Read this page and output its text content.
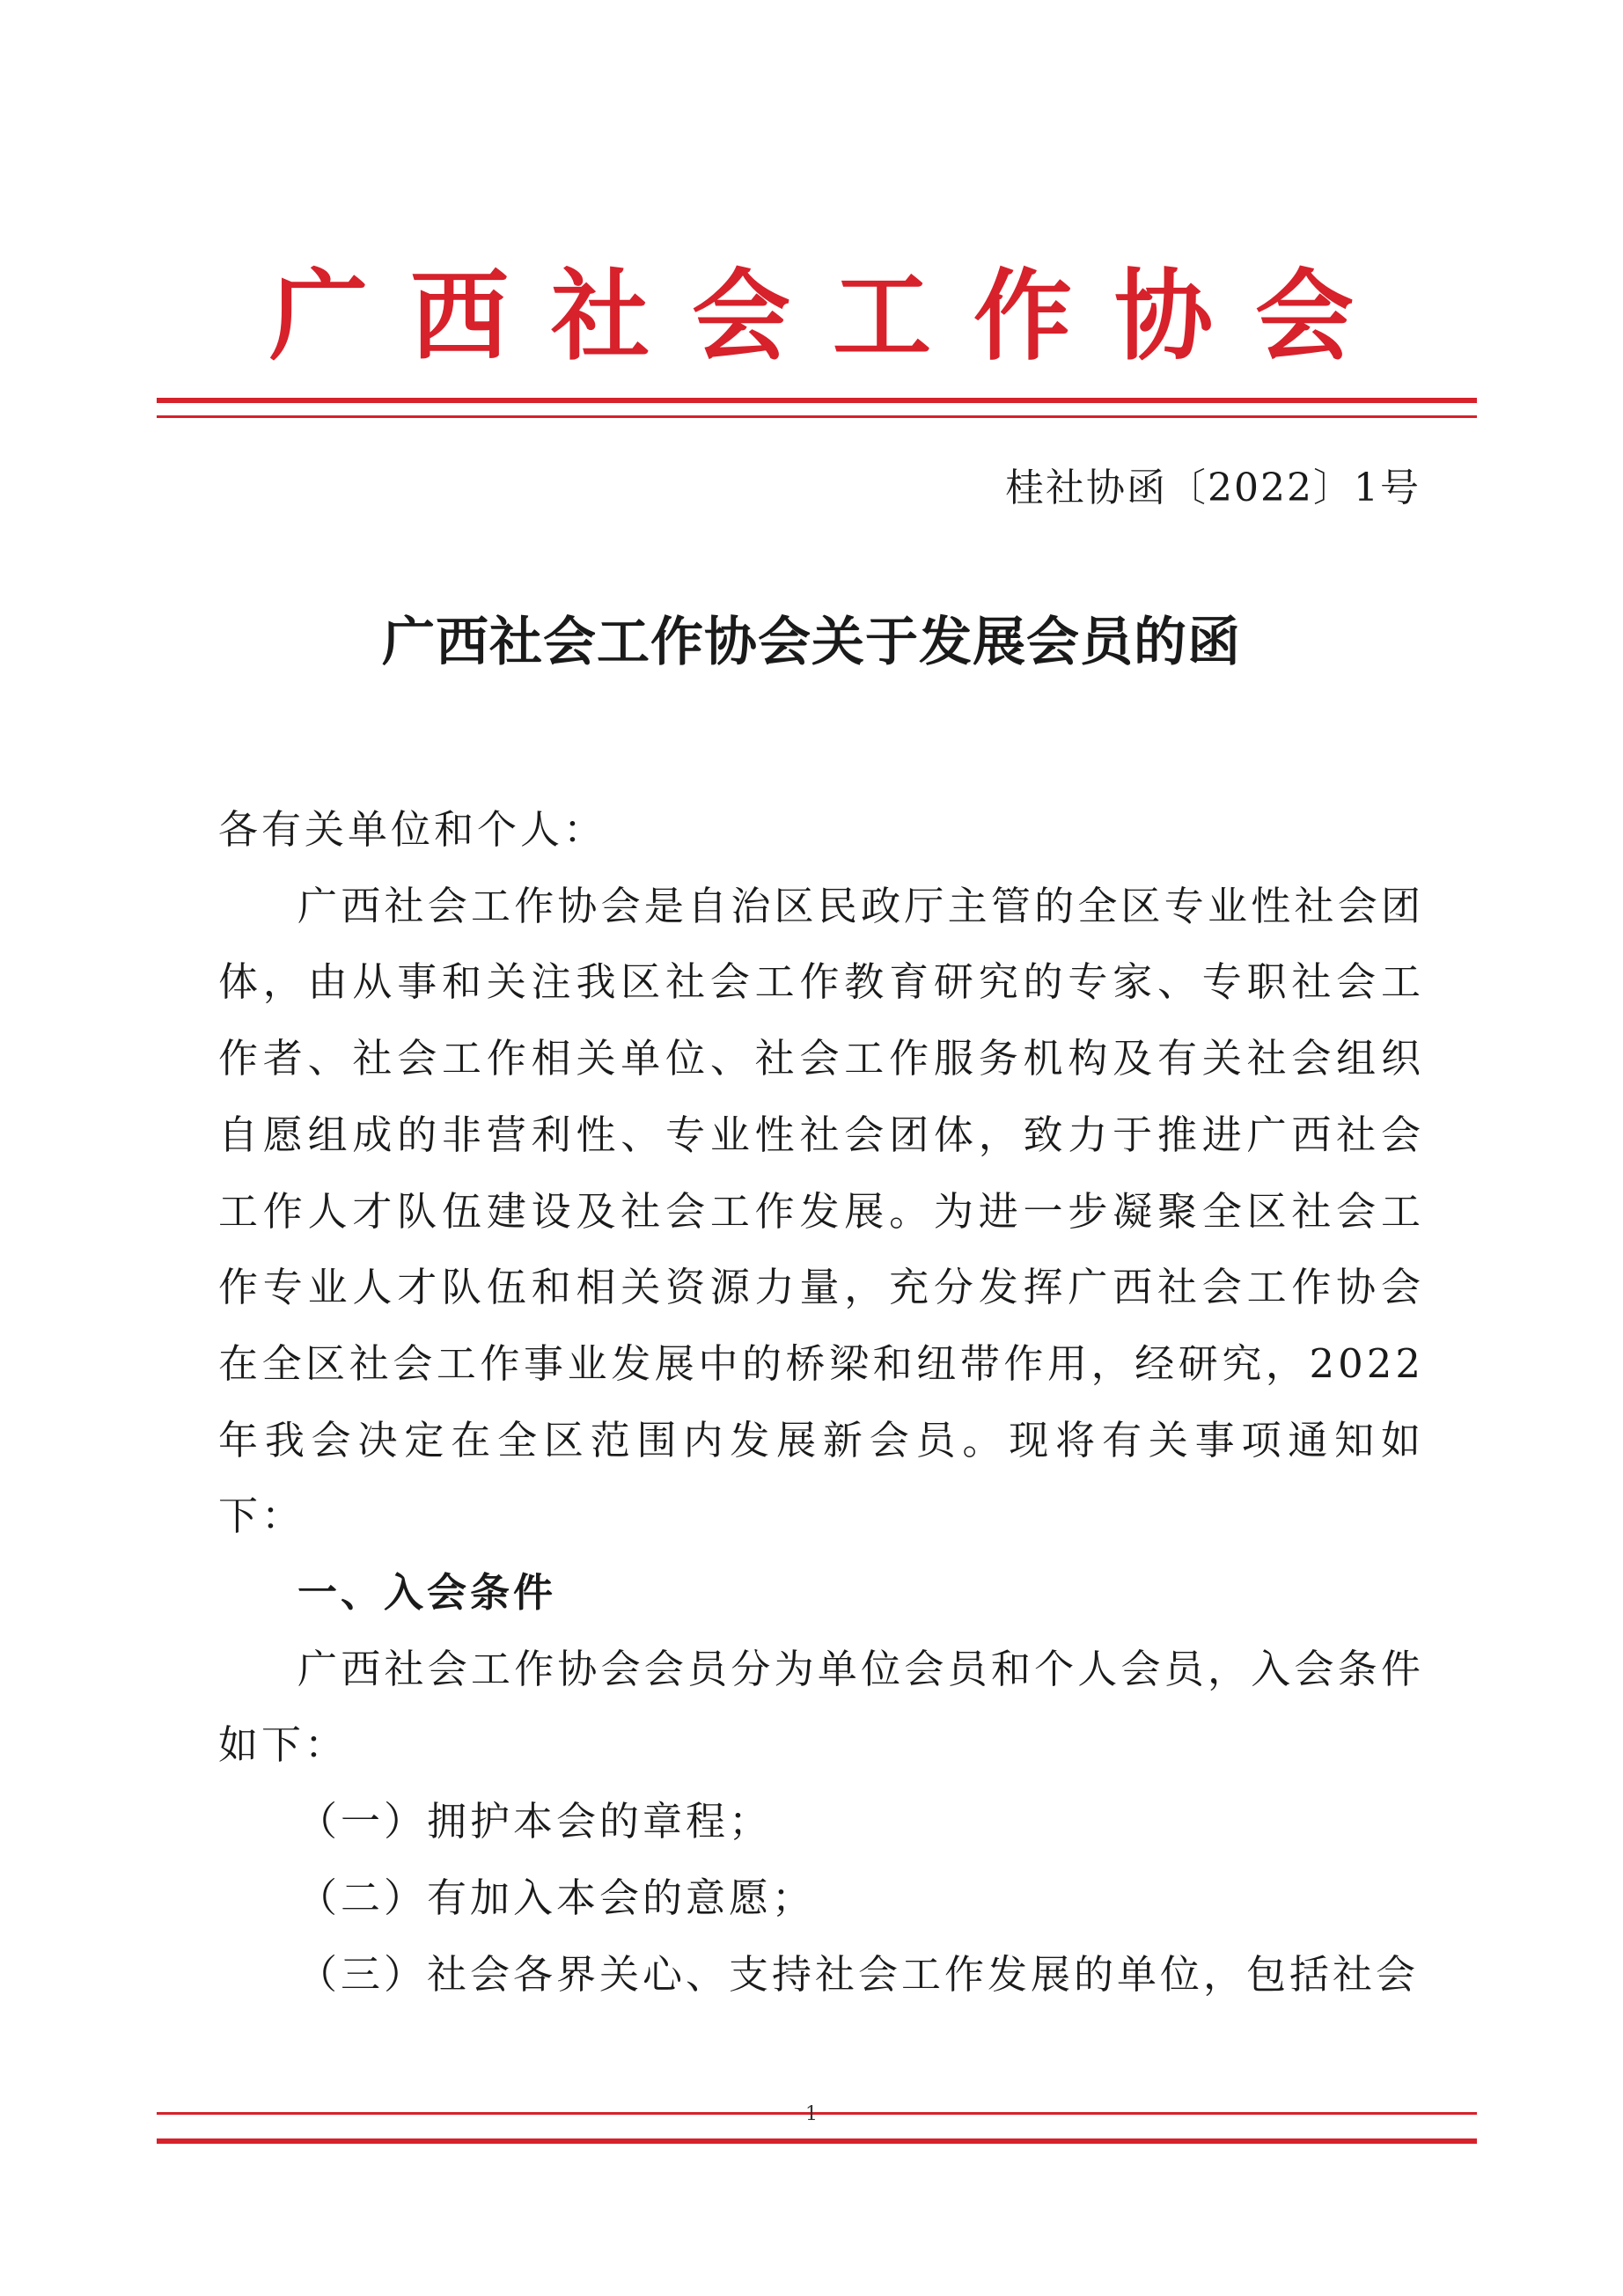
广西社会工作协会
桂社协函〔2022〕1号
广西社会工作协会关于发展会员的函

各有关单位和个人：

广西社会工作协会是自治区民政厅主管的全区专业性社会团体，由从事和关注我区社会工作教育研究的专家、专职社会工作者、社会工作相关单位、社会工作服务机构及有关社会组织自愿组成的非营利性、专业性社会团体，致力于推进广西社会工作人才队伍建设及社会工作发展。为进一步凝聚全区社会工作专业人才队伍和相关资源力量，充分发挥广西社会工作协会在全区社会工作事业发展中的桥梁和纽带作用，经研究，2022年我会决定在全区范围内发展新会员。现将有关事项通知如下：

一、入会条件

广西社会工作协会会员分为单位会员和个人会员，入会条件如下：

（一）拥护本会的章程；

（二）有加入本会的意愿；

（三）社会各界关心、支持社会工作发展的单位，包括社会

1
